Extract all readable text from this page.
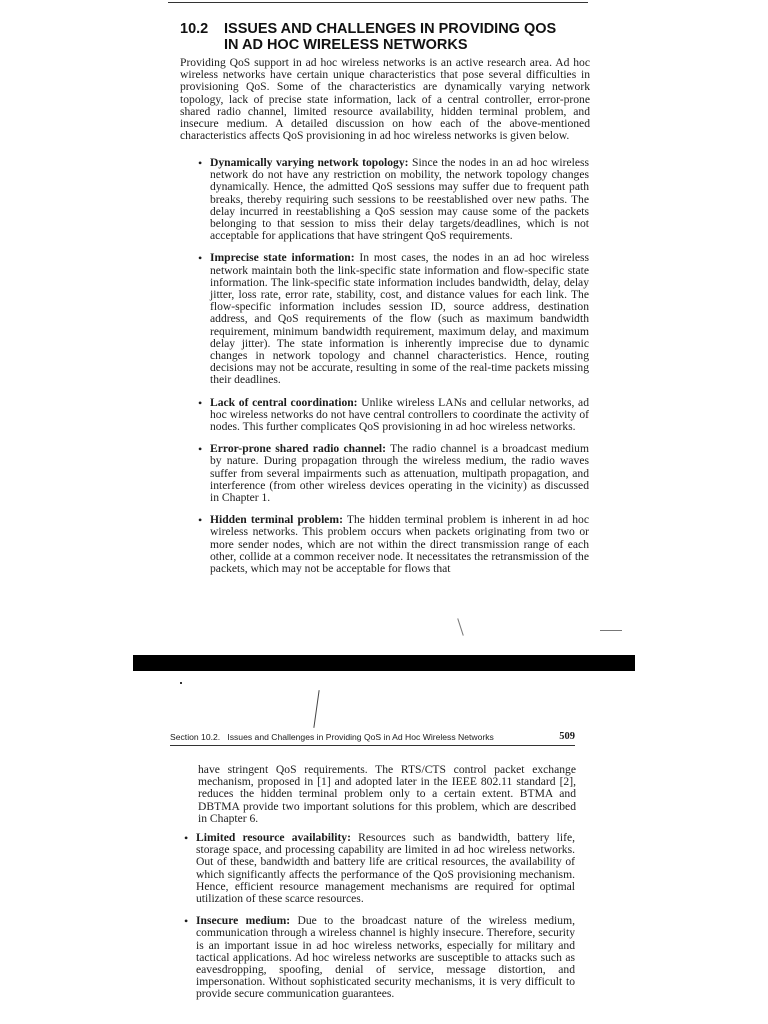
10.2 ISSUES AND CHALLENGES IN PROVIDING QOS
IN AD HOC WIRELESS NETWORKS

Providing QoS support in ad hoc wireless networks is an active research area. Ad hoc wireless networks have certain unique characteristics that pose several difficulties in provisioning QoS. Some of the characteristics are dynamically varying network topology, lack of precise state information, lack of a central controller, error-prone shared radio channel, limited resource availability, hidden terminal problem, and insecure medium. A detailed discussion on how each of the above-mentioned characteristics affects QoS provisioning in ad hoc wireless networks is given below.

• Dynamically varying network topology: Since the nodes in an ad hoc wireless network do not have any restriction on mobility, the network topology changes dynamically. Hence, the admitted QoS sessions may suffer due to frequent path breaks, thereby requiring such sessions to be reestablished over new paths. The delay incurred in reestablishing a QoS session may cause some of the packets belonging to that session to miss their delay targets/deadlines, which is not acceptable for applications that have stringent QoS requirements.
• Imprecise state information: In most cases, the nodes in an ad hoc wireless network maintain both the link-specific state information and flow-specific state information. The link-specific state information includes bandwidth, delay, delay jitter, loss rate, error rate, stability, cost, and distance values for each link. The flow-specific information includes session ID, source address, destination address, and QoS requirements of the flow (such as maximum bandwidth requirement, minimum bandwidth requirement, maximum delay, and maximum delay jitter). The state information is inherently imprecise due to dynamic changes in network topology and channel characteristics. Hence, routing decisions may not be accurate, resulting in some of the real-time packets missing their deadlines.
• Lack of central coordination: Unlike wireless LANs and cellular networks, ad hoc wireless networks do not have central controllers to coordinate the activity of nodes. This further complicates QoS provisioning in ad hoc wireless networks.
• Error-prone shared radio channel: The radio channel is a broadcast medium by nature. During propagation through the wireless medium, the radio waves suffer from several impairments such as attenuation, multipath propagation, and interference (from other wireless devices operating in the vicinity) as discussed in Chapter 1.
• Hidden terminal problem: The hidden terminal problem is inherent in ad hoc wireless networks. This problem occurs when packets originating from two or more sender nodes, which are not within the direct transmission range of each other, collide at a common receiver node. It necessitates the retransmission of the packets, which may not be acceptable for flows that
Section 10.2.   Issues and Challenges in Providing QoS in Ad Hoc Wireless Networks	509

have stringent QoS requirements. The RTS/CTS control packet exchange mechanism, proposed in [1] and adopted later in the IEEE 802.11 standard [2], reduces the hidden terminal problem only to a certain extent. BTMA and DBTMA provide two important solutions for this problem, which are described in Chapter 6.

• Limited resource availability: Resources such as bandwidth, battery life, storage space, and processing capability are limited in ad hoc wireless networks. Out of these, bandwidth and battery life are critical resources, the availability of which significantly affects the performance of the QoS provisioning mechanism. Hence, efficient resource management mechanisms are required for optimal utilization of these scarce resources.
• Insecure medium: Due to the broadcast nature of the wireless medium, communication through a wireless channel is highly insecure. Therefore, security is an important issue in ad hoc wireless networks, especially for military and tactical applications. Ad hoc wireless networks are susceptible to attacks such as eavesdropping, spoofing, denial of service, message distortion, and impersonation. Without sophisticated security mechanisms, it is very difficult to provide secure communication guarantees.
